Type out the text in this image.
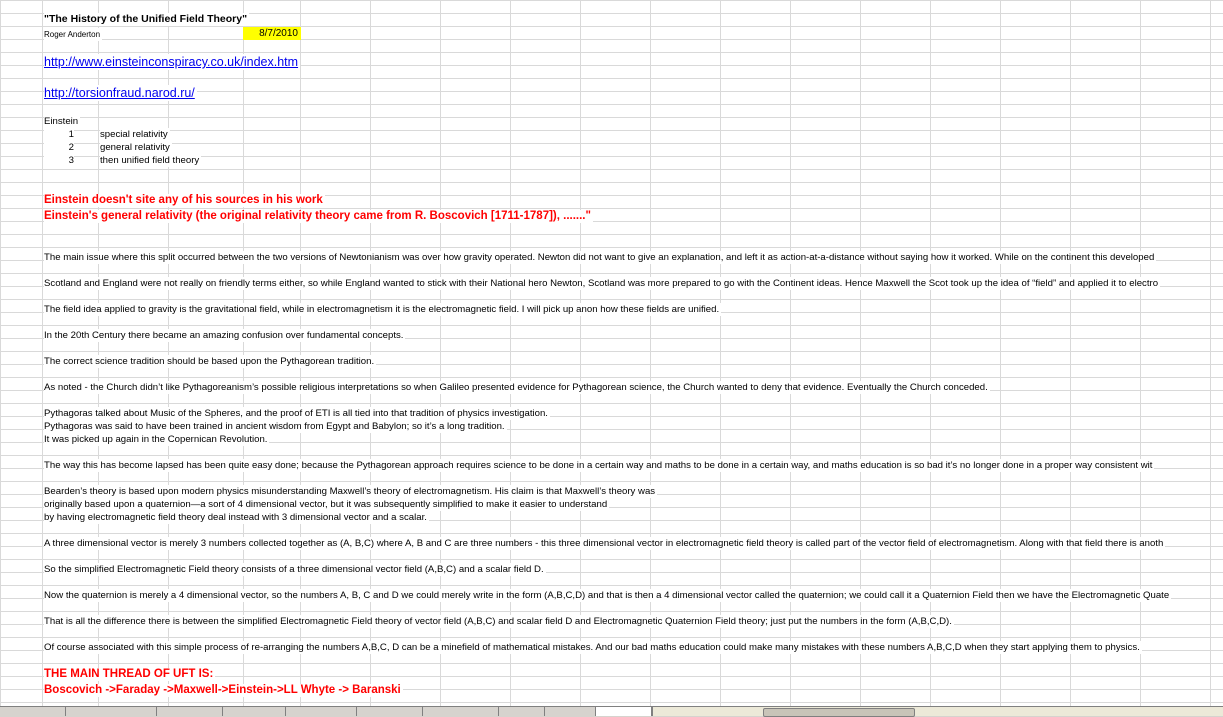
"The History of the Unified Field Theory"
Roger Anderton	8/7/2010
http://www.einsteinconspiracy.co.uk/index.htm
http://torsionfraud.narod.ru/
Einstein
1	special relativity
2	general relativity
3	then unified field theory
Einstein doesn't site any of his sources in his work
Einstein's general relativity (the original relativity theory came from R. Boscovich [1711-1787]), ......."
The main issue where this split occurred between the two versions of Newtonianism was over how gravity operated. Newton did not want to give an explanation, and left it as action-at-a-distance without saying how it worked. While on the continent this developed
Scotland and England were not really on friendly terms either, so while England wanted to stick with their National hero Newton, Scotland was more prepared to go with the Continent ideas. Hence Maxwell the Scot took up the idea of “field” and applied it to electro
The field idea applied to gravity is the gravitational field, while in electromagnetism it is the electromagnetic field. I will pick up anon how these fields are unified.
In the 20th Century there became an amazing confusion over fundamental concepts.
The correct science tradition should be based upon the Pythagorean tradition.
As noted - the Church didn’t like Pythagoreanism’s possible religious interpretations so when Galileo presented evidence for Pythagorean science, the Church wanted to deny that evidence. Eventually the Church conceded.
Pythagoras talked about Music of the Spheres, and the proof of ETI is all tied into that tradition of physics investigation.
Pythagoras was said to have been trained in ancient wisdom from Egypt and Babylon; so it’s a long tradition.
It was picked up again in the Copernican Revolution.
The way this has become lapsed has been quite easy done; because the Pythagorean approach requires science to be done in a certain way and maths to be done in a certain way, and maths education is so bad it’s no longer done in a proper way consistent wit
Bearden’s theory is based upon modern physics misunderstanding Maxwell’s theory of electromagnetism. His claim is that Maxwell’s theory was
originally based upon a quaternion—a sort of 4 dimensional vector, but it was subsequently simplified to make it easier to understand
by having electromagnetic field theory deal instead with 3 dimensional vector and a scalar.
A three dimensional vector is merely 3 numbers collected together as (A, B,C) where A, B and C are three numbers - this three dimensional vector in electromagnetic field theory is called part of the vector field of electromagnetism. Along with that field there is anoth
So the simplified Electromagnetic Field theory consists of a three dimensional vector field (A,B,C) and a scalar field D.
Now the quaternion is merely a 4 dimensional vector, so the numbers A, B, C and D we could merely write in the form (A,B,C,D) and that is then a 4 dimensional vector called the quaternion; we could call it a Quaternion Field then we have the Electromagnetic Quate
That is all the difference there is between the simplified Electromagnetic Field theory of vector field (A,B,C) and scalar field D and Electromagnetic Quaternion Field theory; just put the numbers in the form (A,B,C,D).
Of course associated with this simple process of re-arranging the numbers A,B,C, D can be a minefield of mathematical mistakes. And our bad maths education could make many mistakes with these numbers A,B,C,D when they start applying them to physics.
THE MAIN THREAD OF UFT IS:
Boscovich ->Faraday ->Maxwell->Einstein->LL Whyte -> Baranski
